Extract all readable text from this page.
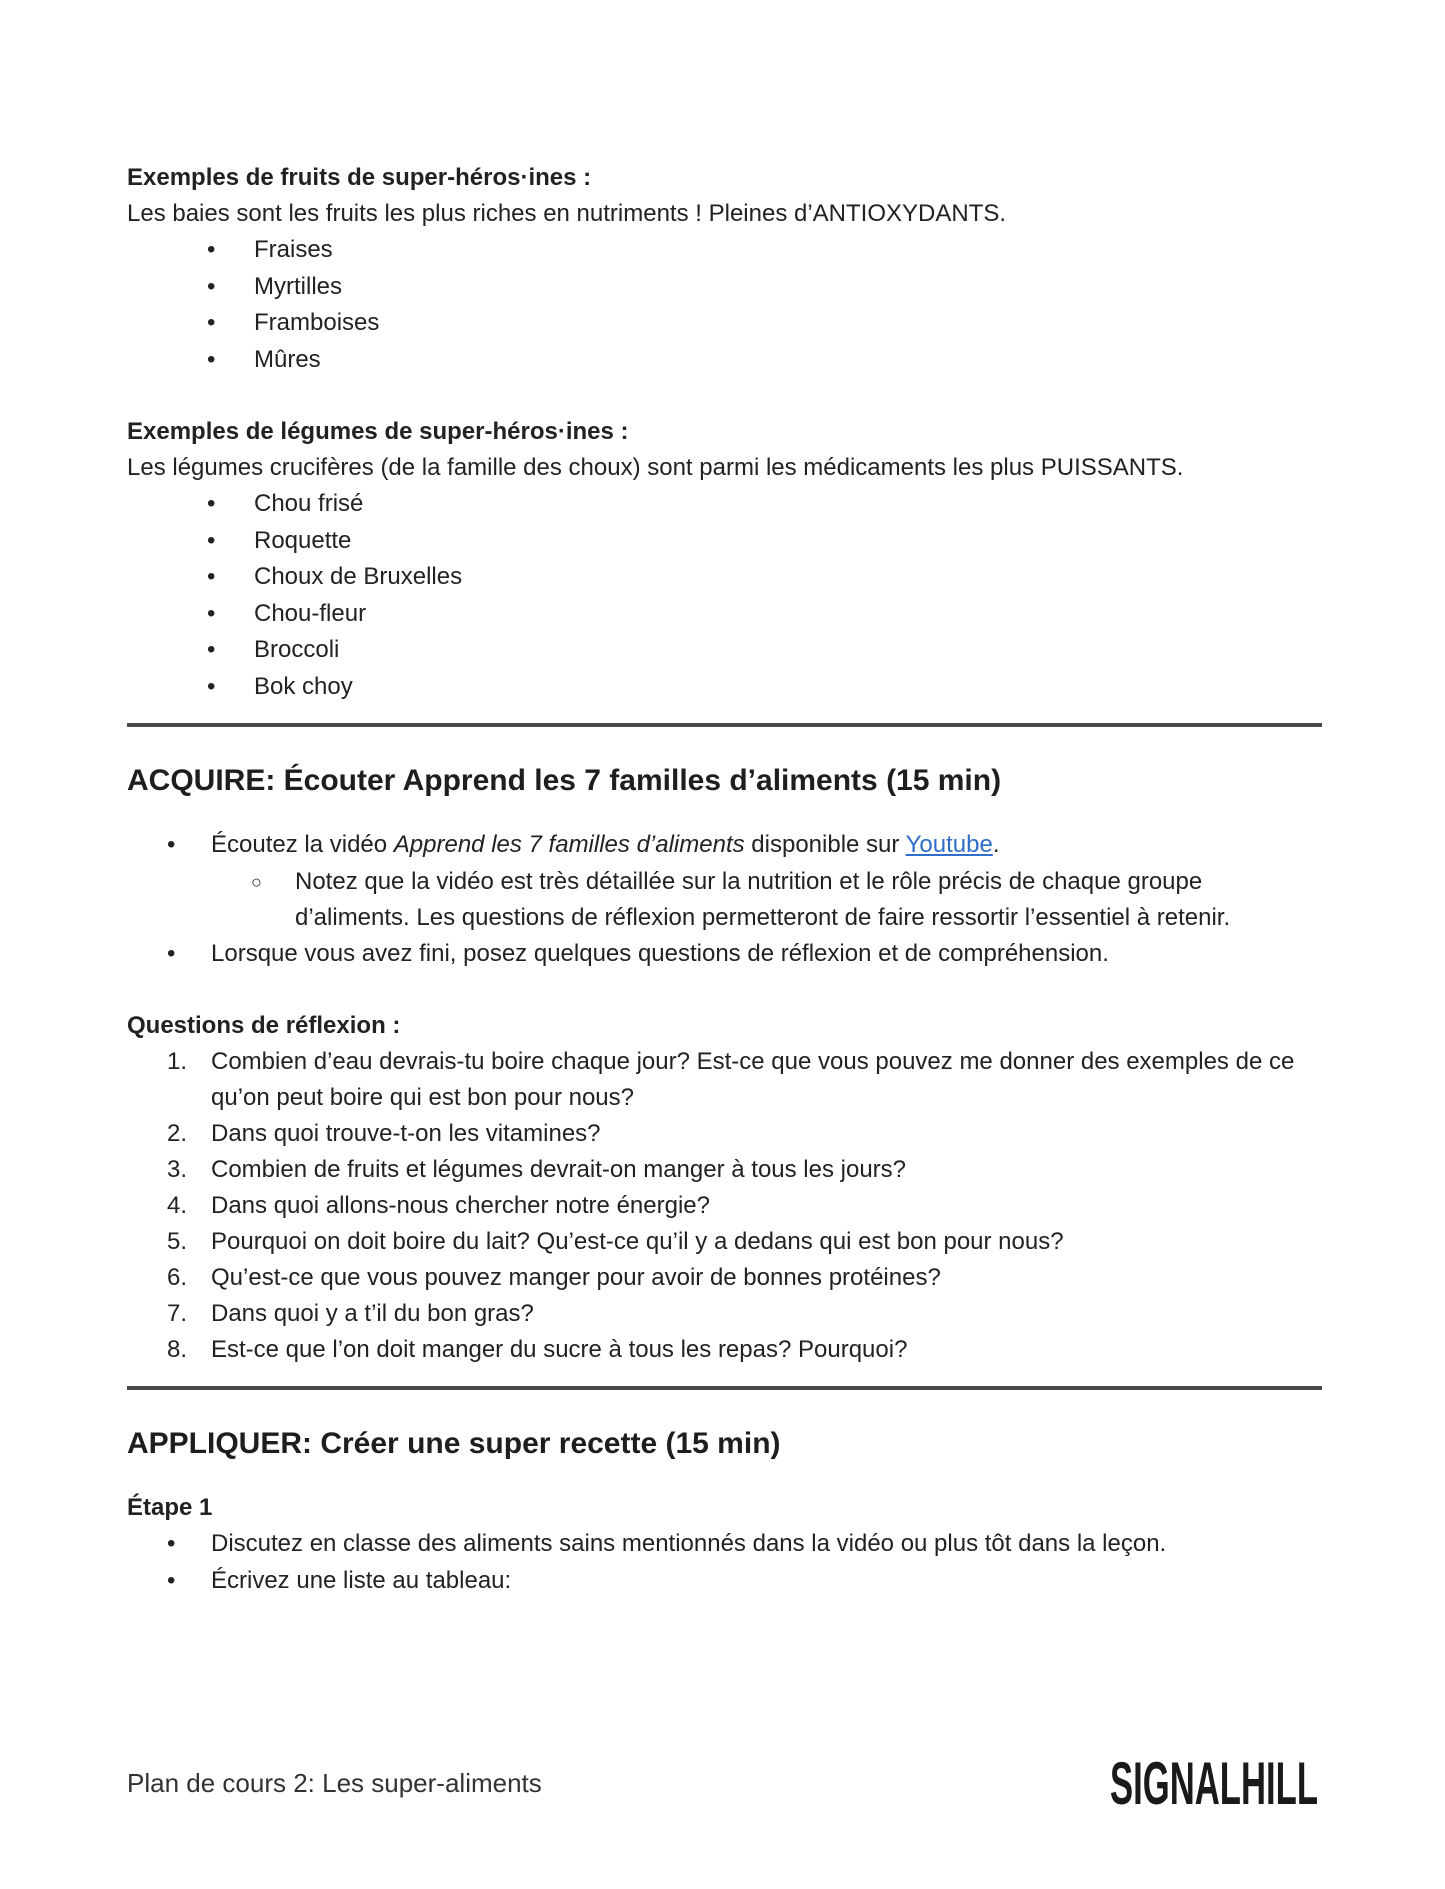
Exemples de fruits de super-héros·ines :

Les baies sont les fruits les plus riches en nutriments ! Pleines d’ANTIOXYDANTS.

• Fraises
• Myrtilles
• Framboises
• Mûres

Exemples de légumes de super-héros·ines :

Les légumes crucifères (de la famille des choux) sont parmi les médicaments les plus PUISSANTS.

• Chou frisé
• Roquette
• Choux de Bruxelles
• Chou-fleur
• Broccoli
• Bok choy
ACQUIRE: Écouter Apprend les 7 familles d’aliments (15 min)
• Écoutez la vidéo Apprend les 7 familles d’aliments disponible sur Youtube.
○ Notez que la vidéo est très détaillée sur la nutrition et le rôle précis de chaque groupe d’aliments. Les questions de réflexion permetteront de faire ressortir l’essentiel à retenir.
• Lorsque vous avez fini, posez quelques questions de réflexion et de compréhension.

Questions de réflexion :

1. Combien d’eau devrais-tu boire chaque jour? Est-ce que vous pouvez me donner des exemples de ce qu’on peut boire qui est bon pour nous?
2. Dans quoi trouve-t-on les vitamines?
3. Combien de fruits et légumes devrait-on manger à tous les jours?
4. Dans quoi allons-nous chercher notre énergie?
5. Pourquoi on doit boire du lait? Qu’est-ce qu’il y a dedans qui est bon pour nous?
6. Qu’est-ce que vous pouvez manger pour avoir de bonnes protéines?
7. Dans quoi y a t’il du bon gras?
8. Est-ce que l’on doit manger du sucre à tous les repas? Pourquoi?
APPLIQUER: Créer une super recette (15 min)

Étape 1

• Discutez en classe des aliments sains mentionnés dans la vidéo ou plus tôt dans la leçon.
• Écrivez une liste au tableau:
Plan de cours 2: Les super-aliments	SIGNALHILL
